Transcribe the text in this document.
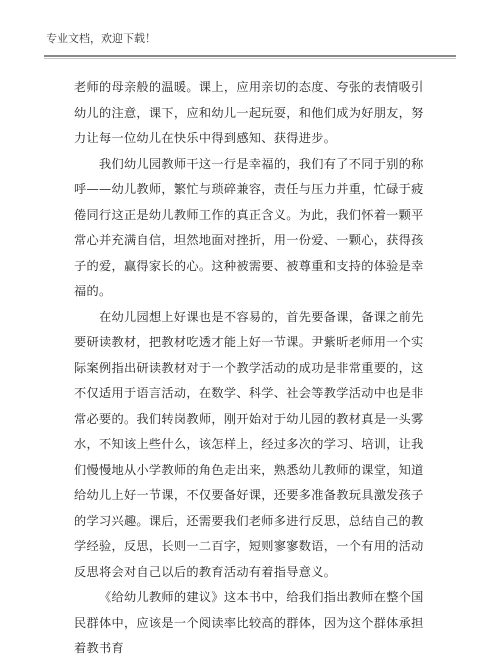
专业文档，欢迎下载！

老师的母亲般的温暖。课上，应用亲切的态度、夸张的表情吸引幼儿的注意，课下，应和幼儿一起玩耍，和他们成为好朋友，努力让每一位幼儿在快乐中得到感知、获得进步。

我们幼儿园教师干这一行是幸福的，我们有了不同于别的称呼——幼儿教师，繁忙与琐碎兼容，责任与压力并重，忙碌于疲倦同行这正是幼儿教师工作的真正含义。为此，我们怀着一颗平常心并充满自信，坦然地面对挫折，用一份爱、一颗心，获得孩子的爱，赢得家长的心。这种被需要、被尊重和支持的体验是幸福的。

在幼儿园想上好课也是不容易的，首先要备课，备课之前先要研读教材，把教材吃透才能上好一节课。尹紫昕老师用一个实际案例指出研读教材对于一个教学活动的成功是非常重要的，这不仅适用于语言活动，在数学、科学、社会等教学活动中也是非常必要的。我们转岗教师，刚开始对于幼儿园的教材真是一头雾水，不知该上些什么，该怎样上，经过多次的学习、培训，让我们慢慢地从小学教师的角色走出来，熟悉幼儿教师的课堂，知道给幼儿上好一节课，不仅要备好课，还要多准备教玩具激发孩子的学习兴趣。课后，还需要我们老师多进行反思，总结自己的教学经验，反思，长则一二百字，短则寥寥数语，一个有用的活动反思将会对自己以后的教育活动有着指导意义。

《给幼儿教师的建议》这本书中，给我们指出教师在整个国民群体中，应该是一个阅读率比较高的群体，因为这个群体承担着教书育
